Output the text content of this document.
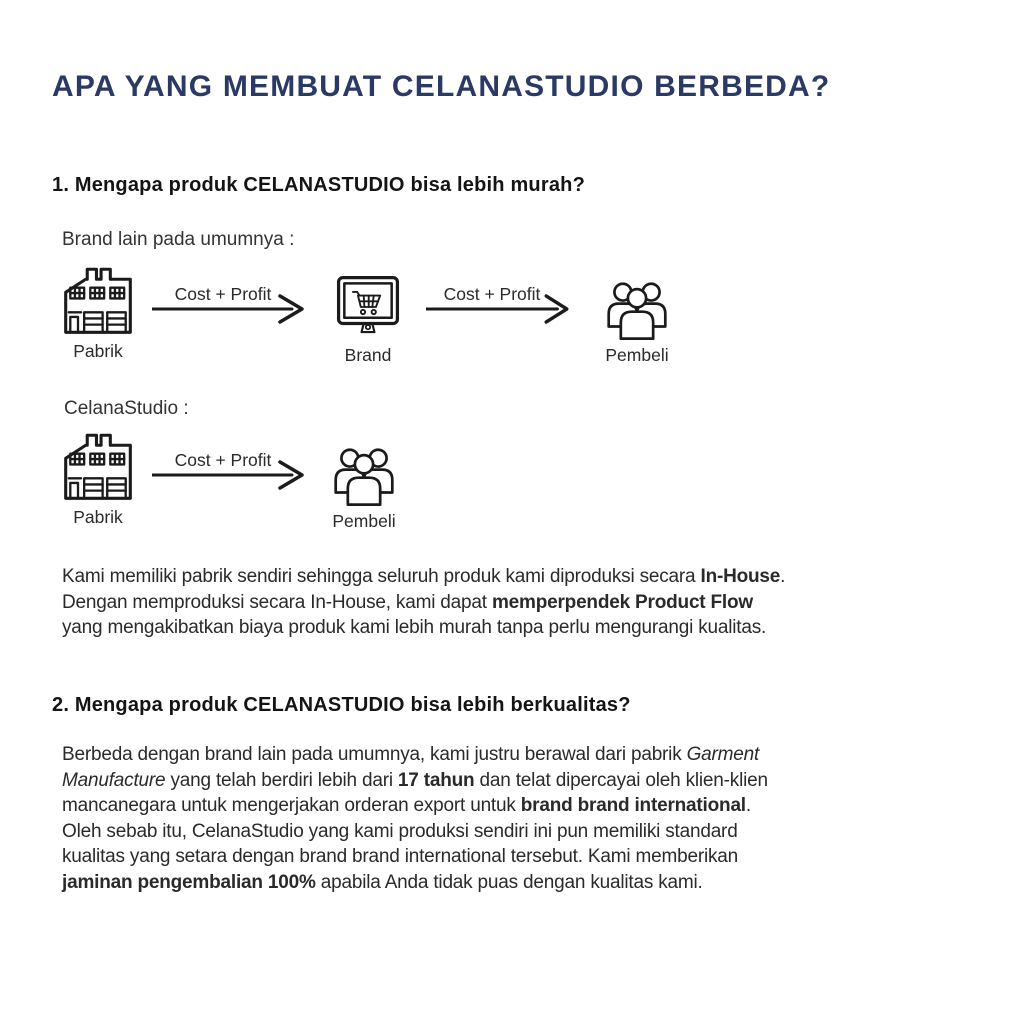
APA YANG MEMBUAT CELANASTUDIO BERBEDA?
1. Mengapa produk CELANASTUDIO bisa lebih murah?
Brand lain pada umumnya :
Pabrik
Cost + Profit
Brand
Cost + Profit
Pembeli
CelanaStudio :
Pabrik
Cost + Profit
Pembeli

Kami memiliki pabrik sendiri sehingga seluruh produk kami diproduksi secara In-House.
Dengan memproduksi secara In-House, kami dapat memperpendek Product Flow
yang mengakibatkan biaya produk kami lebih murah tanpa perlu mengurangi kualitas.

2. Mengapa produk CELANASTUDIO bisa lebih berkualitas?

Berbeda dengan brand lain pada umumnya, kami justru berawal dari pabrik Garment
Manufacture yang telah berdiri lebih dari 17 tahun dan telat dipercayai oleh klien-klien
mancanegara untuk mengerjakan orderan export untuk brand brand international.
Oleh sebab itu, CelanaStudio yang kami produksi sendiri ini pun memiliki standard
kualitas yang setara dengan brand brand international tersebut. Kami memberikan
jaminan pengembalian 100% apabila Anda tidak puas dengan kualitas kami.
